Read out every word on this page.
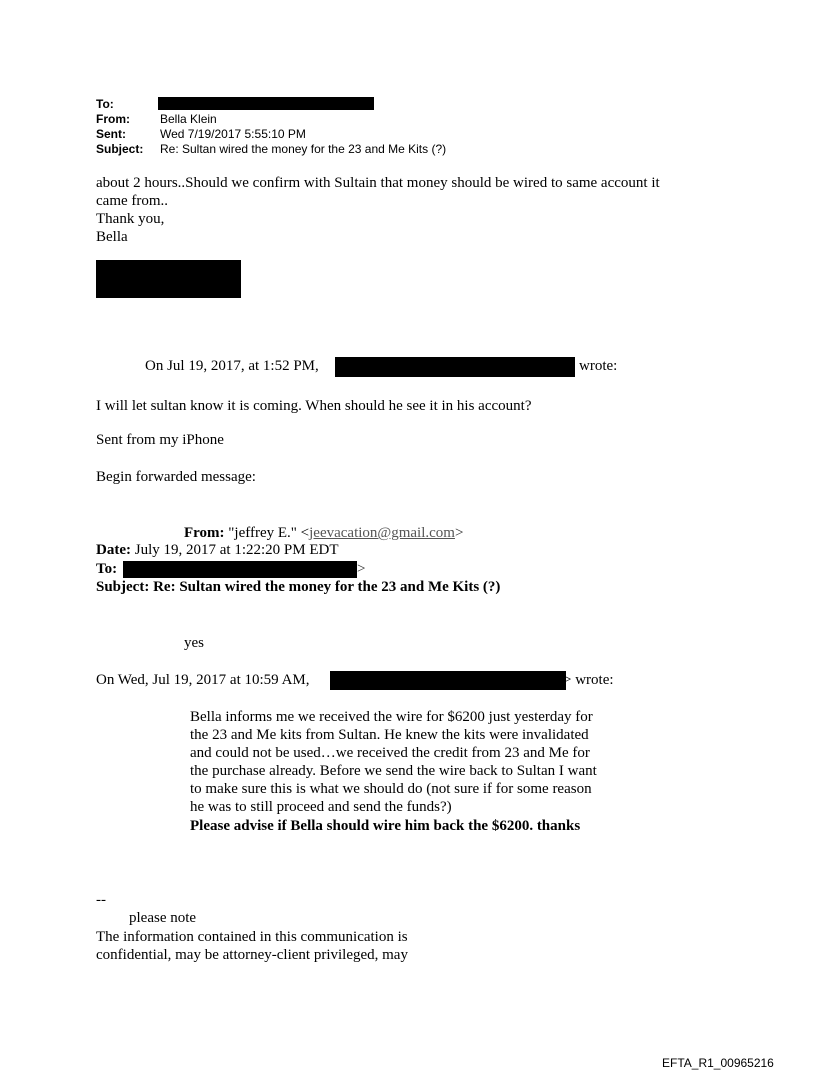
To:
From:	Bella Klein
Sent:	Wed 7/19/2017 5:55:10 PM
Subject: Re: Sultan wired the money for the 23 and Me Kits (?)
about 2 hours..Should we confirm with Sultain that money should be wired to same account it
came from..
Thank you,
Bella
On Jul 19, 2017, at 1:52 PM,	wrote:
I will let sultan know it is coming. When should he see it in his account?
Sent from my iPhone
Begin forwarded message:
From: "jeffrey E." <jeevacation@gmail.com>
Date: July 19, 2017 at 1:22:20 PM EDT
To:	>
Subject: Re: Sultan wired the money for the 23 and Me Kits (?)
yes
On Wed, Jul 19, 2017 at 10:59 AM,	> wrote:
Bella informs me we received the wire for $6200 just yesterday for
the 23 and Me kits from Sultan. He knew the kits were invalidated
and could not be used…we received the credit from 23 and Me for
the purchase already. Before we send the wire back to Sultan I want
to make sure this is what we should do (not sure if for some reason
he was to still proceed and send the funds?)
Please advise if Bella should wire him back the $6200. thanks
--
please note
The information contained in this communication is
confidential, may be attorney-client privileged, may
EFTA_R1_00965216
